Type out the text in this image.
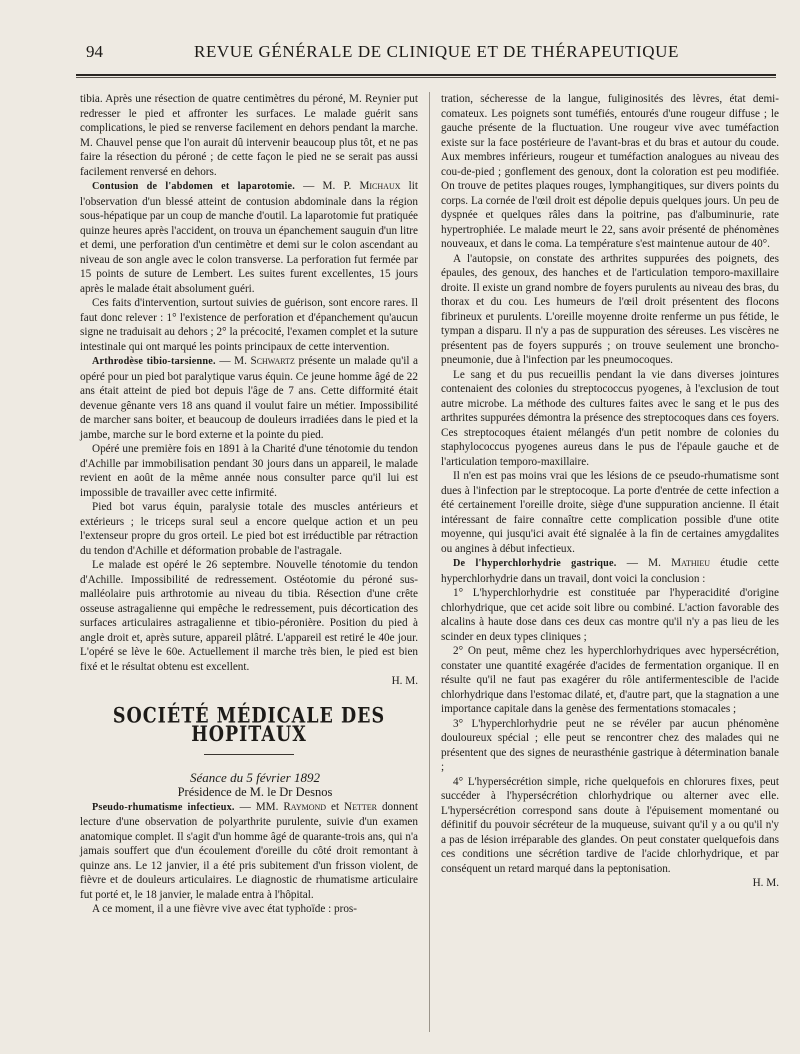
94	REVUE GÉNÉRALE DE CLINIQUE ET DE THÉRAPEUTIQUE

tibia. Après une résection de quatre centimètres du péroné, M. Reynier put redresser le pied et affronter les surfaces. Le malade guérit sans complications, le pied se renverse facilement en dehors pendant la marche. M. Chauvel pense que l'on aurait dû intervenir beaucoup plus tôt, et ne pas faire la résection du péroné ; de cette façon le pied ne se serait pas aussi facilement renversé en dehors.

Contusion de l'abdomen et laparotomie. — M. P. Michaux lit l'observation d'un blessé atteint de contusion abdominale dans la région sous-hépatique par un coup de manche d'outil. La laparotomie fut pratiquée quinze heures après l'accident, on trouva un épanchement sauguin d'un litre et demi, une perforation d'un centimètre et demi sur le colon ascendant au niveau de son angle avec le colon transverse. La perforation fut fermée par 15 points de suture de Lembert. Les suites furent excellentes, 15 jours après le malade était absolument guéri.

Ces faits d'intervention, surtout suivies de guérison, sont encore rares. Il faut donc relever : 1° l'existence de perforation et d'épanchement qu'aucun signe ne traduisait au dehors ; 2° la précocité, l'examen complet et la suture intestinale qui ont marqué les points principaux de cette intervention.

Arthrodèse tibio-tarsienne. — M. Schwartz présente un malade qu'il a opéré pour un pied bot paralytique varus équin. Ce jeune homme âgé de 22 ans était atteint de pied bot depuis l'âge de 7 ans. Cette difformité était devenue gênante vers 18 ans quand il voulut faire un métier. Impossibilité de marcher sans boiter, et beaucoup de douleurs irradiées dans le pied et la jambe, marche sur le bord externe et la pointe du pied.

Opéré une première fois en 1891 à la Charité d'une ténotomie du tendon d'Achille par immobilisation pendant 30 jours dans un appareil, le malade revient en août de la même année nous consulter parce qu'il lui est impossible de travailler avec cette infirmité.

Pied bot varus équin, paralysie totale des muscles antérieurs et extérieurs ; le triceps sural seul a encore quelque action et un peu l'extenseur propre du gros orteil. Le pied bot est irréductible par rétraction du tendon d'Achille et déformation probable de l'astragale.

Le malade est opéré le 26 septembre. Nouvelle ténotomie du tendon d'Achille. Impossibilité de redressement. Ostéotomie du péroné sus-malléolaire puis arthrotomie au niveau du tibia. Résection d'une crête osseuse astragalienne qui empêche le redressement, puis décortication des surfaces articulaires astragalienne et tibio-péronière. Position du pied à angle droit et, après suture, appareil plâtré. L'appareil est retiré le 40e jour. L'opéré se lève le 60e. Actuellement il marche très bien, le pied est bien fixé et le résultat obtenu est excellent.

H. M.

SOCIÉTÉ MÉDICALE DES HOPITAUX

Séance du 5 février 1892

Présidence de M. le Dr Desnos

Pseudo-rhumatisme infectieux. — MM. Raymond et Netter donnent lecture d'une observation de polyarthrite purulente, suivie d'un examen anatomique complet. Il s'agit d'un homme âgé de quarante-trois ans, qui n'a jamais souffert que d'un écoulement d'oreille du côté droit remontant à quinze ans. Le 12 janvier, il a été pris subitement d'un frisson violent, de fièvre et de douleurs articulaires. Le diagnostic de rhumatisme articulaire fut porté et, le 18 janvier, le malade entra à l'hôpital.

A ce moment, il a une fièvre vive avec état typhoïde : pros-

tration, sécheresse de la langue, fuliginosités des lèvres, état demi-comateux. Les poignets sont tuméfiés, entourés d'une rougeur diffuse ; le gauche présente de la fluctuation. Une rougeur vive avec tuméfaction existe sur la face postérieure de l'avant-bras et du bras et autour du coude. Aux membres inférieurs, rougeur et tuméfaction analogues au niveau des cou-de-pied ; gonflement des genoux, dont la coloration est peu modifiée. On trouve de petites plaques rouges, lymphangitiques, sur divers points du corps. La cornée de l'œil droit est dépolie depuis quelques jours. Un peu de dyspnée et quelques râles dans la poitrine, pas d'albuminurie, rate hypertrophiée. Le malade meurt le 22, sans avoir présenté de phénomènes nouveaux, et dans le coma. La température s'est maintenue autour de 40°.

A l'autopsie, on constate des arthrites suppurées des poignets, des épaules, des genoux, des hanches et de l'articulation temporo-maxillaire droite. Il existe un grand nombre de foyers purulents au niveau des bras, du thorax et du cou. Les humeurs de l'œil droit présentent des flocons fibrineux et purulents. L'oreille moyenne droite renferme un pus fétide, le tympan a disparu. Il n'y a pas de suppuration des séreuses. Les viscères ne présentent pas de foyers suppurés ; on trouve seulement une broncho-pneumonie, due à l'infection par les pneumocoques.

Le sang et du pus recueillis pendant la vie dans diverses jointures contenaient des colonies du streptococcus pyogenes, à l'exclusion de tout autre microbe. La méthode des cultures faites avec le sang et le pus des arthrites suppurées démontra la présence des streptocoques dans ces foyers. Ces streptocoques étaient mélangés d'un petit nombre de colonies du staphylococcus pyogenes aureus dans le pus de l'épaule gauche et de l'articulation temporo-maxillaire.

Il n'en est pas moins vrai que les lésions de ce pseudo-rhumatisme sont dues à l'infection par le streptocoque. La porte d'entrée de cette infection a été certainement l'oreille droite, siège d'une suppuration ancienne. Il était intéressant de faire connaître cette complication possible d'une otite moyenne, qui jusqu'ici avait été signalée à la fin de certaines amygdalites ou angines à début infectieux.

De l'hyperchlorhydrie gastrique. — M. Mathieu étudie cette hyperchlorhydrie dans un travail, dont voici la conclusion :

1° L'hyperchlorhydrie est constituée par l'hyperacidité d'origine chlorhydrique, que cet acide soit libre ou combiné. L'action favorable des alcalins à haute dose dans ces deux cas montre qu'il n'y a pas lieu de les scinder en deux types cliniques ;

2° On peut, même chez les hyperchlorhydriques avec hypersécrétion, constater une quantité exagérée d'acides de fermentation organique. Il en résulte qu'il ne faut pas exagérer du rôle antifermentescible de l'acide chlorhydrique dans l'estomac dilaté, et, d'autre part, que la stagnation a une importance capitale dans la genèse des fermentations stomacales ;

3° L'hyperchlorhydrie peut ne se révéler par aucun phénomène douloureux spécial ; elle peut se rencontrer chez des malades qui ne présentent que des signes de neurasthénie gastrique à détermination banale ;

4° L'hypersécrétion simple, riche quelquefois en chlorures fixes, peut succéder à l'hypersécrétion chlorhydrique ou alterner avec elle. L'hypersécrétion correspond sans doute à l'épuisement momentané ou définitif du pouvoir sécréteur de la muqueuse, suivant qu'il y a ou qu'il n'y a pas de lésion irréparable des glandes. On peut constater quelquefois dans ces conditions une sécrétion tardive de l'acide chlorhydrique, et par conséquent un retard marqué dans la peptonisation.

H. M.
